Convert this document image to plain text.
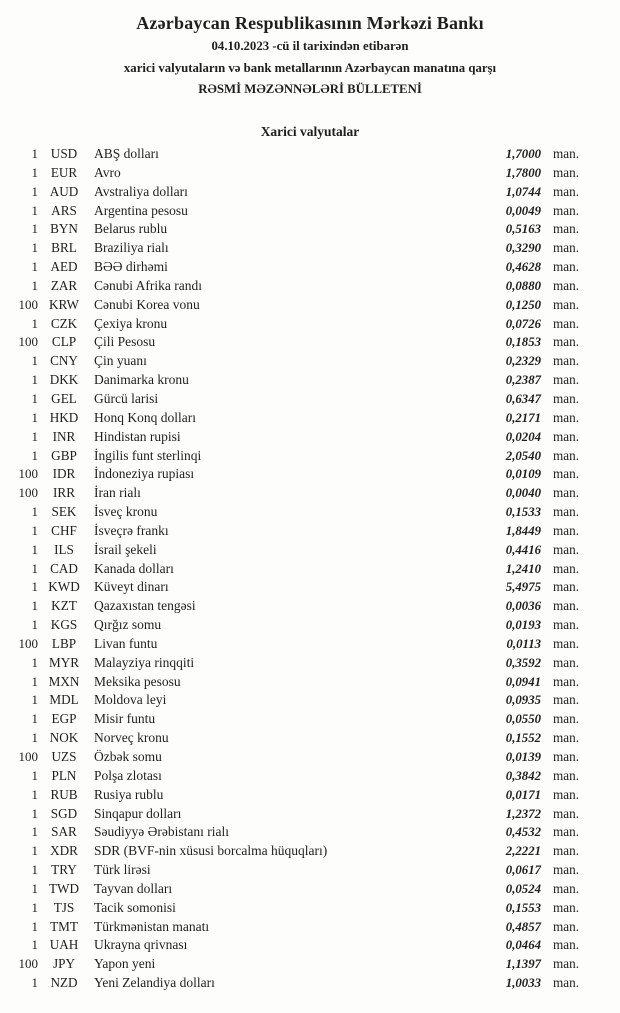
Azərbaycan Respublikasının Mərkəzi Bankı
04.10.2023 -cü il tarixindən etibarən
xarici valyutaların və bank metallarının Azərbaycan manatına qarşı
RƏSMİ MƏZƏNNƏLƏRİ BÜLLETENİ
Xarici valyutalar
1 USD	ABŞ dolları	1,7000 man.
1 EUR	Avro	1,7800 man.
1 AUD	Avstraliya dolları	1,0744 man.
1 ARS	Argentina pesosu	0,0049 man.
1 BYN	Belarus rublu	0,5163 man.
1 BRL	Braziliya rialı	0,3290 man.
1 AED	BƏƏ dirhəmi	0,4628 man.
1 ZAR	Cənubi Afrika randı	0,0880 man.
100 KRW	Cənubi Korea vonu	0,1250 man.
1 CZK	Çexiya kronu	0,0726 man.
100	CLP	Çili Pesosu	0,1853 man.
1 CNY	Çin yuanı	0,2329 man.
1 DKK	Danimarka kronu	0,2387 man.
1 GEL	Gürcü larisi	0,6347 man.
1 HKD	Honq Konq dolları	0,2171 man.
1	INR	Hindistan rupisi	0,0204 man.
1 GBP	İngilis funt sterlinqi	2,0540 man.
100	IDR	İndoneziya rupiası	0,0109 man.
100	IRR	İran rialı	0,0040 man.
1	SEK	İsveç kronu	0,1533 man.
1 CHF	İsveçrə frankı	1,8449 man.
1	ILS	İsrail şekeli	0,4416 man.
1 CAD	Kanada dolları	1,2410 man.
1 KWD	Küveyt dinarı	5,4975 man.
1 KZT	Qazaxıstan tengəsi	0,0036 man.
1 KGS	Qırğız somu	0,0193 man.
100	LBP	Livan funtu	0,0113 man.
1 MYR	Malayziya rinqqiti	0,3592 man.
1 MXN	Meksika pesosu	0,0941 man.
1 MDL	Moldova leyi	0,0935 man.
1	EGP	Misir funtu	0,0550 man.
1 NOK	Norveç kronu	0,1552 man.
100	UZS	Özbək somu	0,0139 man.
1	PLN	Polşa zlotası	0,3842 man.
1 RUB	Rusiya rublu	0,0171 man.
1 SGD	Sinqapur dolları	1,2372 man.
1 SAR	Səudiyyə Ərəbistanı rialı	0,4532 man.
1 XDR	SDR (BVF-nin xüsusi borcalma hüquqları)	2,2221 man.
1 TRY	Türk lirəsi	0,0617 man.
1 TWD	Tayvan dolları	0,0524 man.
1	TJS	Tacik somonisi	0,1553 man.
1 TMT	Türkmənistan manatı	0,4857 man.
1 UAH	Ukrayna qrivnası	0,0464 man.
100	JPY	Yapon yeni	1,1397 man.
1 NZD	Yeni Zelandiya dolları	1,0033 man.
